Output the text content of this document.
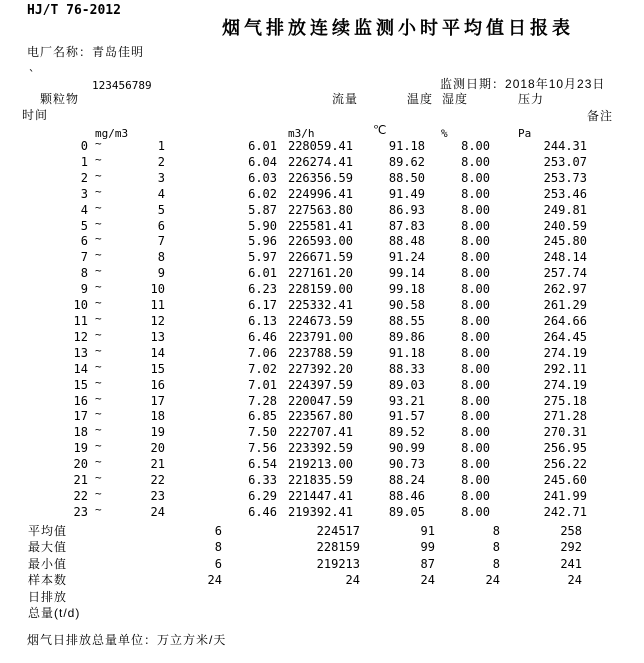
HJ/T 76-2012
烟气排放连续监测小时平均值日报表
电厂名称：青岛佳明
`
123456789	监测日期：2018年10月23日
颗粒物	流量	温度 湿度	压力
时间	备注
mg/m3	m3/h	℃	%	Pa
0	~	1	6.01	228059.41	91.18	8.00	244.31
1	~	2	6.04	226274.41	89.62	8.00	253.07
2	~	3	6.03	226356.59	88.50	8.00	253.73
3	~	4	6.02	224996.41	91.49	8.00	253.46
4	~	5	5.87	227563.80	86.93	8.00	249.81
5	~	6	5.90	225581.41	87.83	8.00	240.59
6	~	7	5.96	226593.00	88.48	8.00	245.80
7	~	8	5.97	226671.59	91.24	8.00	248.14
8	~	9	6.01	227161.20	99.14	8.00	257.74
9	~	10	6.23	228159.00	99.18	8.00	262.97
10	~	11	6.17	225332.41	90.58	8.00	261.29
11	~	12	6.13	224673.59	88.55	8.00	264.66
12	~	13	6.46	223791.00	89.86	8.00	264.45
13	~	14	7.06	223788.59	91.18	8.00	274.19
14	~	15	7.02	227392.20	88.33	8.00	292.11
15	~	16	7.01	224397.59	89.03	8.00	274.19
16	~	17	7.28	220047.59	93.21	8.00	275.18
17	~	18	6.85	223567.80	91.57	8.00	271.28
18	~	19	7.50	222707.41	89.52	8.00	270.31
19	~	20	7.56	223392.59	90.99	8.00	256.95
20	~	21	6.54	219213.00	90.73	8.00	256.22
21	~	22	6.33	221835.59	88.24	8.00	245.60
22	~	23	6.29	221447.41	88.46	8.00	241.99
23	~	24	6.46	219392.41	89.05	8.00	242.71
平均值	6	224517	91	8	258
最大值	8	228159	99	8	292
最小值	6	219213	87	8	241
样本数	24	24	24	24	24
日排放					
总量(t/d)					
烟气日排放总量单位：万立方米/天
